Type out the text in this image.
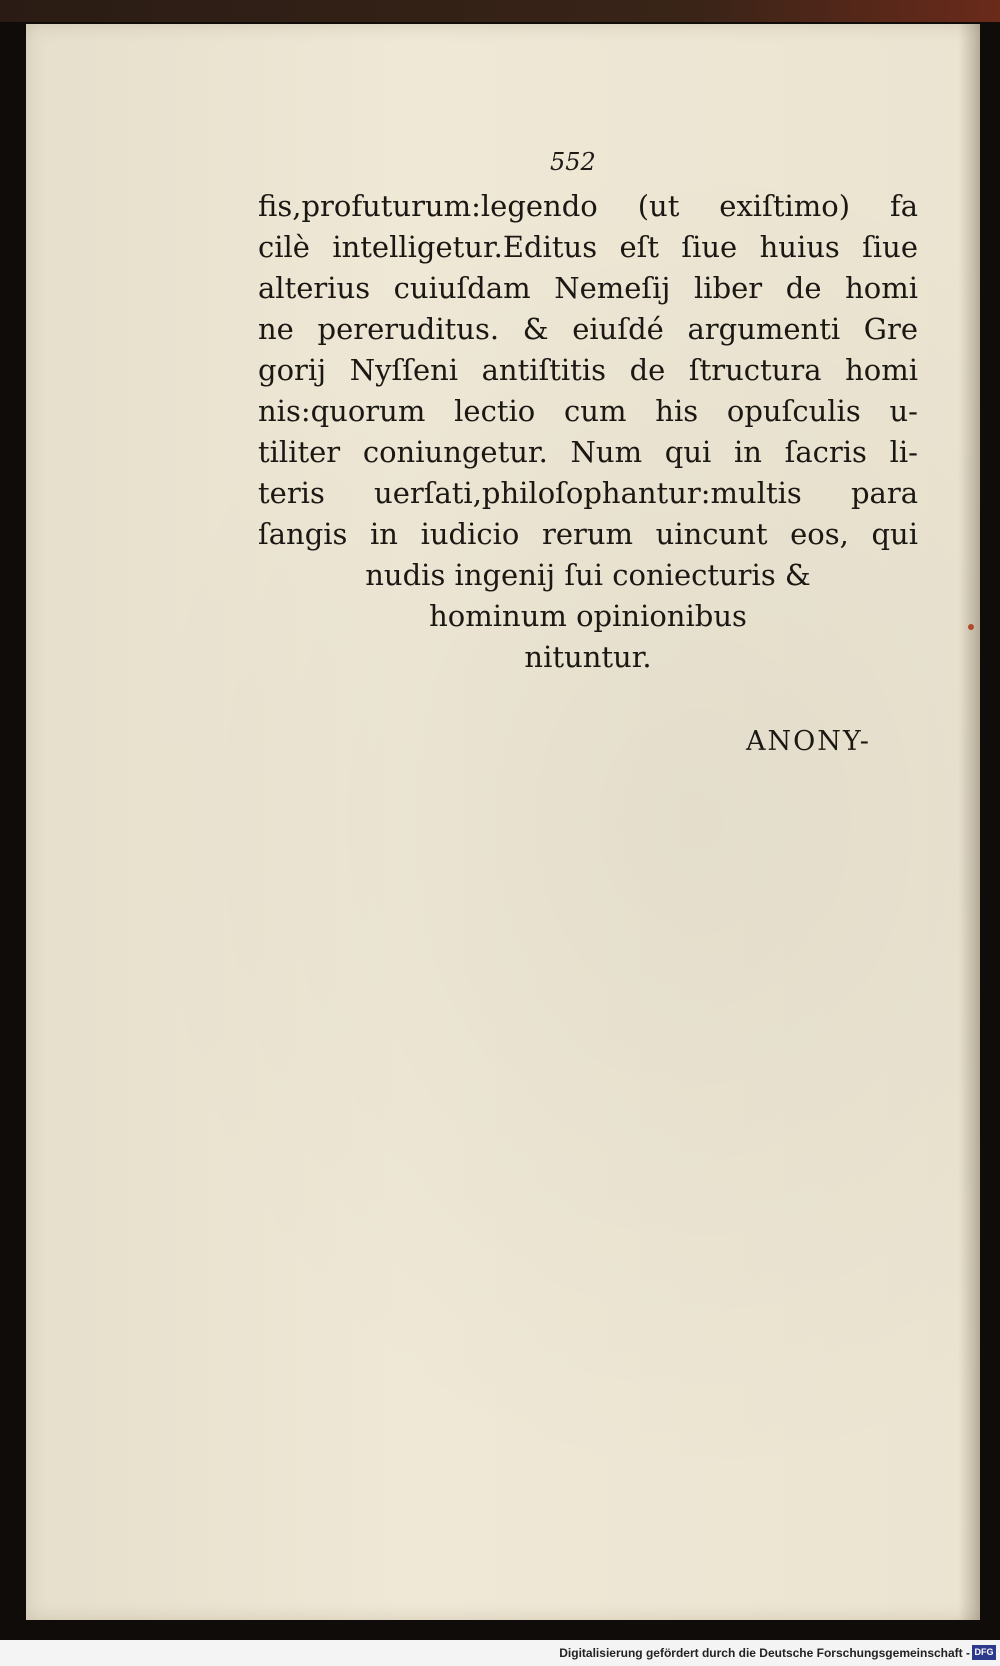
552
fis,profuturum:legendo (ut exiſtimo) fa
cilè intelligetur.Editus eſt ſiue huius ſiue
alterius cuiuſdam Nemeſij liber de homi
ne pereruditus. & eiuſdé argumenti Gre
gorij Nyſſeni antiſtitis de ſtructura homi
nis:quorum lectio cum his opuſculis u-
tiliter coniungetur. Num qui in ſacris li-
teris uerſati,philoſophantur:multis para
ſangis in iudicio rerum uincunt eos, qui
nudis ingenij ſui coniecturis &
hominum opinionibus
nituntur.
ANONY-
Digitalisierung gefördert durch die Deutsche Forschungsgemeinschaft - DFG
